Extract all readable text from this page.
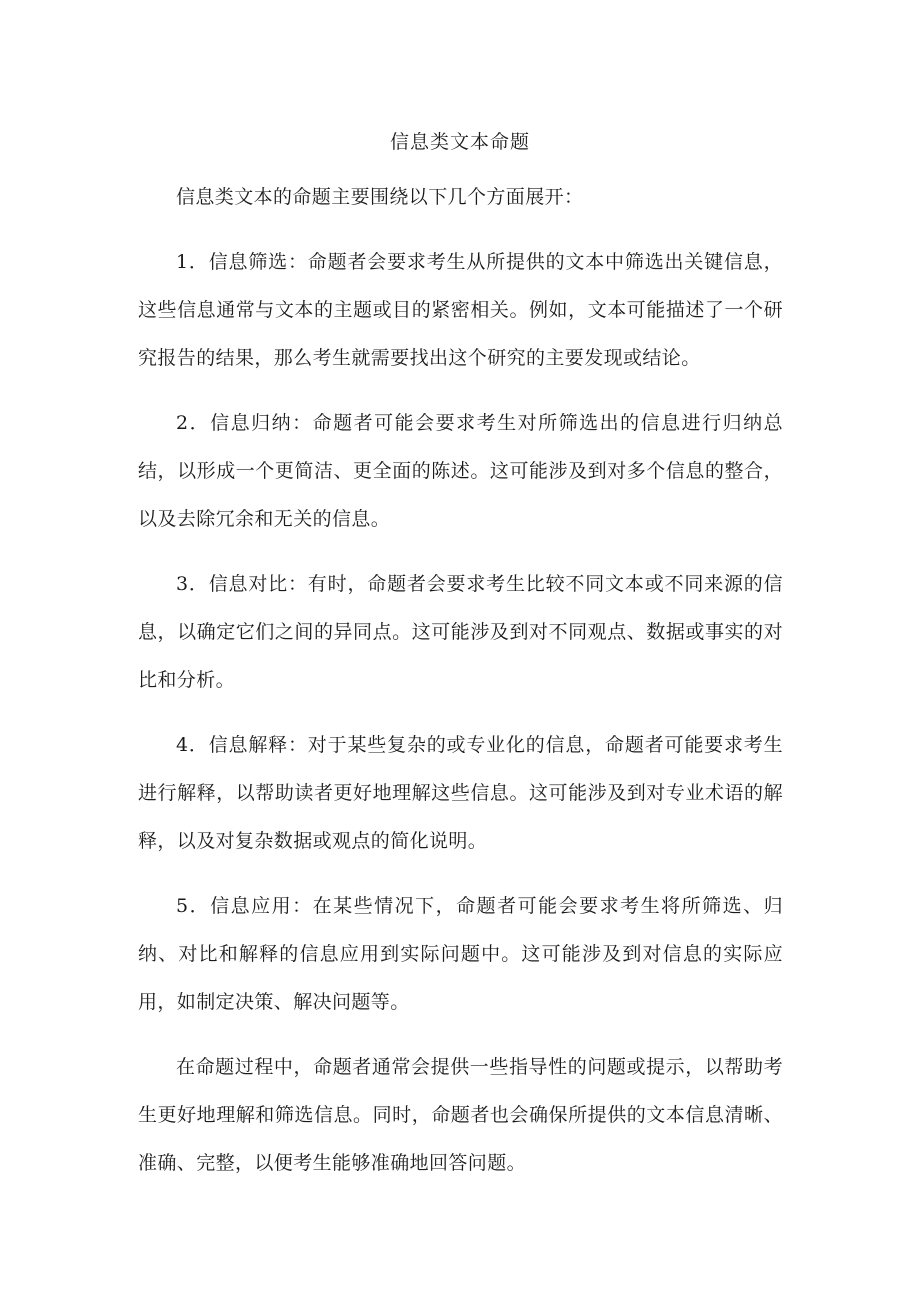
信息类文本命题

信息类文本的命题主要围绕以下几个方面展开：

1．信息筛选：命题者会要求考生从所提供的文本中筛选出关键信息，这些信息通常与文本的主题或目的紧密相关。例如，文本可能描述了一个研究报告的结果，那么考生就需要找出这个研究的主要发现或结论。

2．信息归纳：命题者可能会要求考生对所筛选出的信息进行归纳总结，以形成一个更简洁、更全面的陈述。这可能涉及到对多个信息的整合，以及去除冗余和无关的信息。

3．信息对比：有时，命题者会要求考生比较不同文本或不同来源的信息，以确定它们之间的异同点。这可能涉及到对不同观点、数据或事实的对比和分析。

4．信息解释：对于某些复杂的或专业化的信息，命题者可能要求考生进行解释，以帮助读者更好地理解这些信息。这可能涉及到对专业术语的解释，以及对复杂数据或观点的简化说明。

5．信息应用：在某些情况下，命题者可能会要求考生将所筛选、归纳、对比和解释的信息应用到实际问题中。这可能涉及到对信息的实际应用，如制定决策、解决问题等。

在命题过程中，命题者通常会提供一些指导性的问题或提示，以帮助考生更好地理解和筛选信息。同时，命题者也会确保所提供的文本信息清晰、准确、完整，以便考生能够准确地回答问题。
